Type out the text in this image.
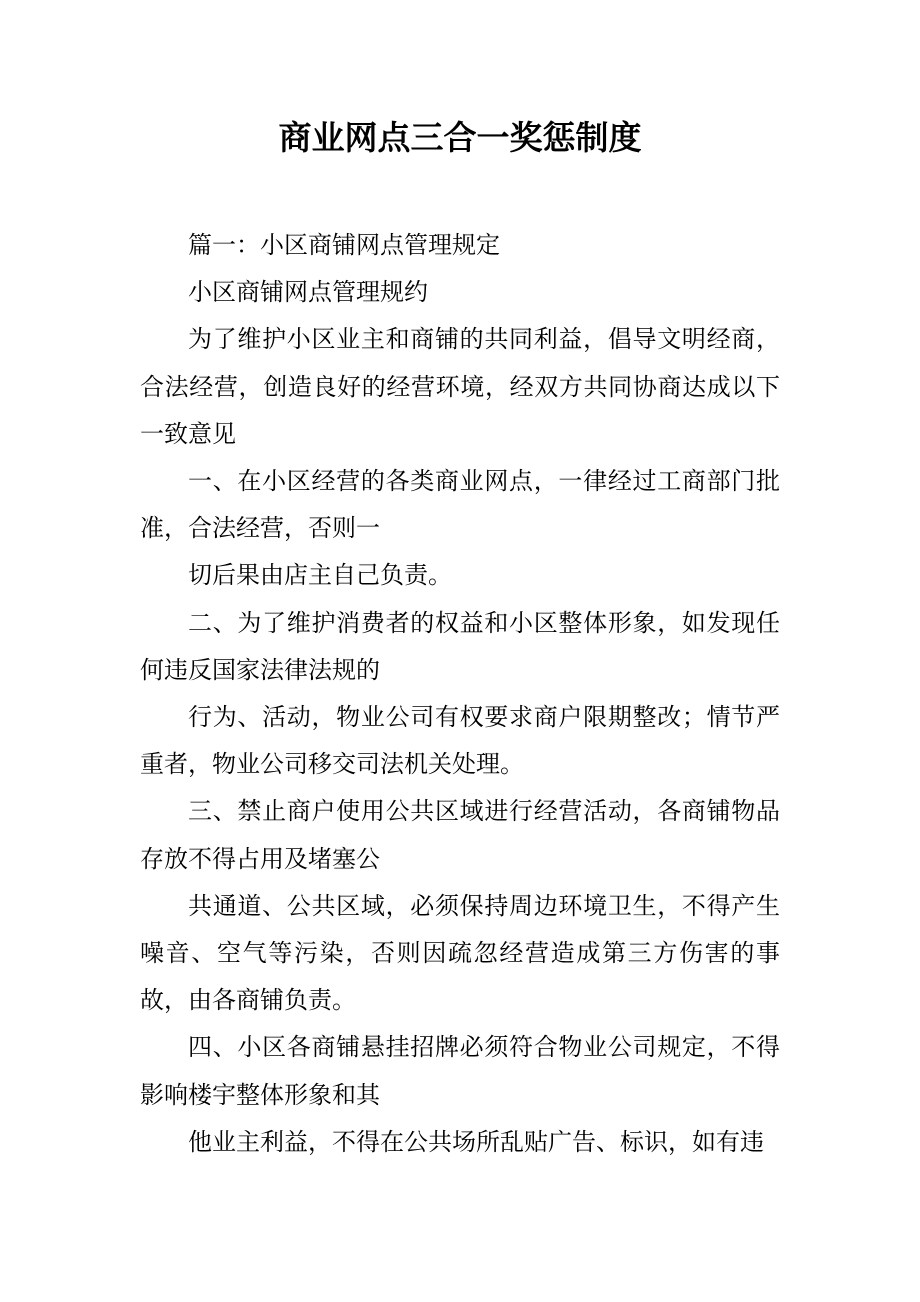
商业网点三合一奖惩制度

篇一：小区商铺网点管理规定

小区商铺网点管理规约

为了维护小区业主和商铺的共同利益，倡导文明经商，合法经营，创造良好的经营环境，经双方共同协商达成以下一致意见

一、在小区经营的各类商业网点，一律经过工商部门批准，合法经营，否则一

切后果由店主自己负责。

二、为了维护消费者的权益和小区整体形象，如发现任何违反国家法律法规的

行为、活动，物业公司有权要求商户限期整改；情节严重者，物业公司移交司法机关处理。

三、禁止商户使用公共区域进行经营活动，各商铺物品存放不得占用及堵塞公

共通道、公共区域，必须保持周边环境卫生，不得产生噪音、空气等污染，否则因疏忽经营造成第三方伤害的事故，由各商铺负责。

四、小区各商铺悬挂招牌必须符合物业公司规定，不得影响楼宇整体形象和其

他业主利益，不得在公共场所乱贴广告、标识，如有违
